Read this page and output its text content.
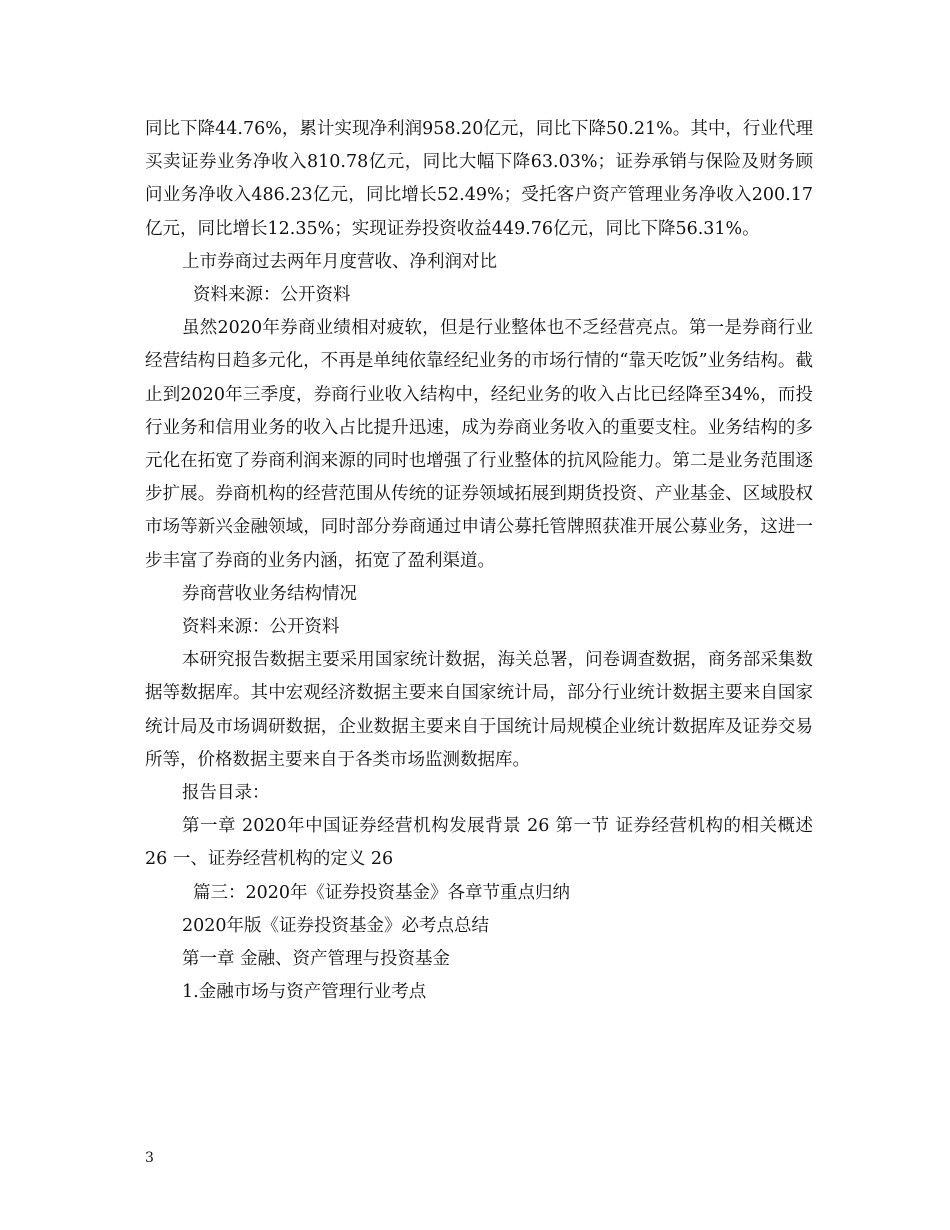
同比下降44.76%，累计实现净利润958.20亿元，同比下降50.21%。其中，行业代理买卖证券业务净收入810.78亿元，同比大幅下降63.03%；证券承销与保险及财务顾问业务净收入486.23亿元，同比增长52.49%；受托客户资产管理业务净收入200.17亿元，同比增长12.35%；实现证券投资收益449.76亿元，同比下降56.31%。

上市券商过去两年月度营收、净利润对比

资料来源：公开资料

虽然2020年券商业绩相对疲软，但是行业整体也不乏经营亮点。第一是券商行业经营结构日趋多元化，不再是单纯依靠经纪业务的市场行情的“靠天吃饭”业务结构。截止到2020年三季度，券商行业收入结构中，经纪业务的收入占比已经降至34%，而投行业务和信用业务的收入占比提升迅速，成为券商业务收入的重要支柱。业务结构的多元化在拓宽了券商利润来源的同时也增强了行业整体的抗风险能力。第二是业务范围逐步扩展。券商机构的经营范围从传统的证券领域拓展到期货投资、产业基金、区域股权市场等新兴金融领域，同时部分券商通过申请公募托管牌照获准开展公募业务，这进一步丰富了券商的业务内涵，拓宽了盈利渠道。

券商营收业务结构情况

资料来源：公开资料

本研究报告数据主要采用国家统计数据，海关总署，问卷调查数据，商务部采集数据等数据库。其中宏观经济数据主要来自国家统计局，部分行业统计数据主要来自国家统计局及市场调研数据，企业数据主要来自于国统计局规模企业统计数据库及证券交易所等，价格数据主要来自于各类市场监测数据库。

报告目录：

第一章 2020年中国证券经营机构发展背景 26 第一节 证券经营机构的相关概述 26 一、证券经营机构的定义 26

篇三：2020年《证券投资基金》各章节重点归纳

2020年版《证券投资基金》必考点总结

第一章 金融、资产管理与投资基金

1.金融市场与资产管理行业考点

3
